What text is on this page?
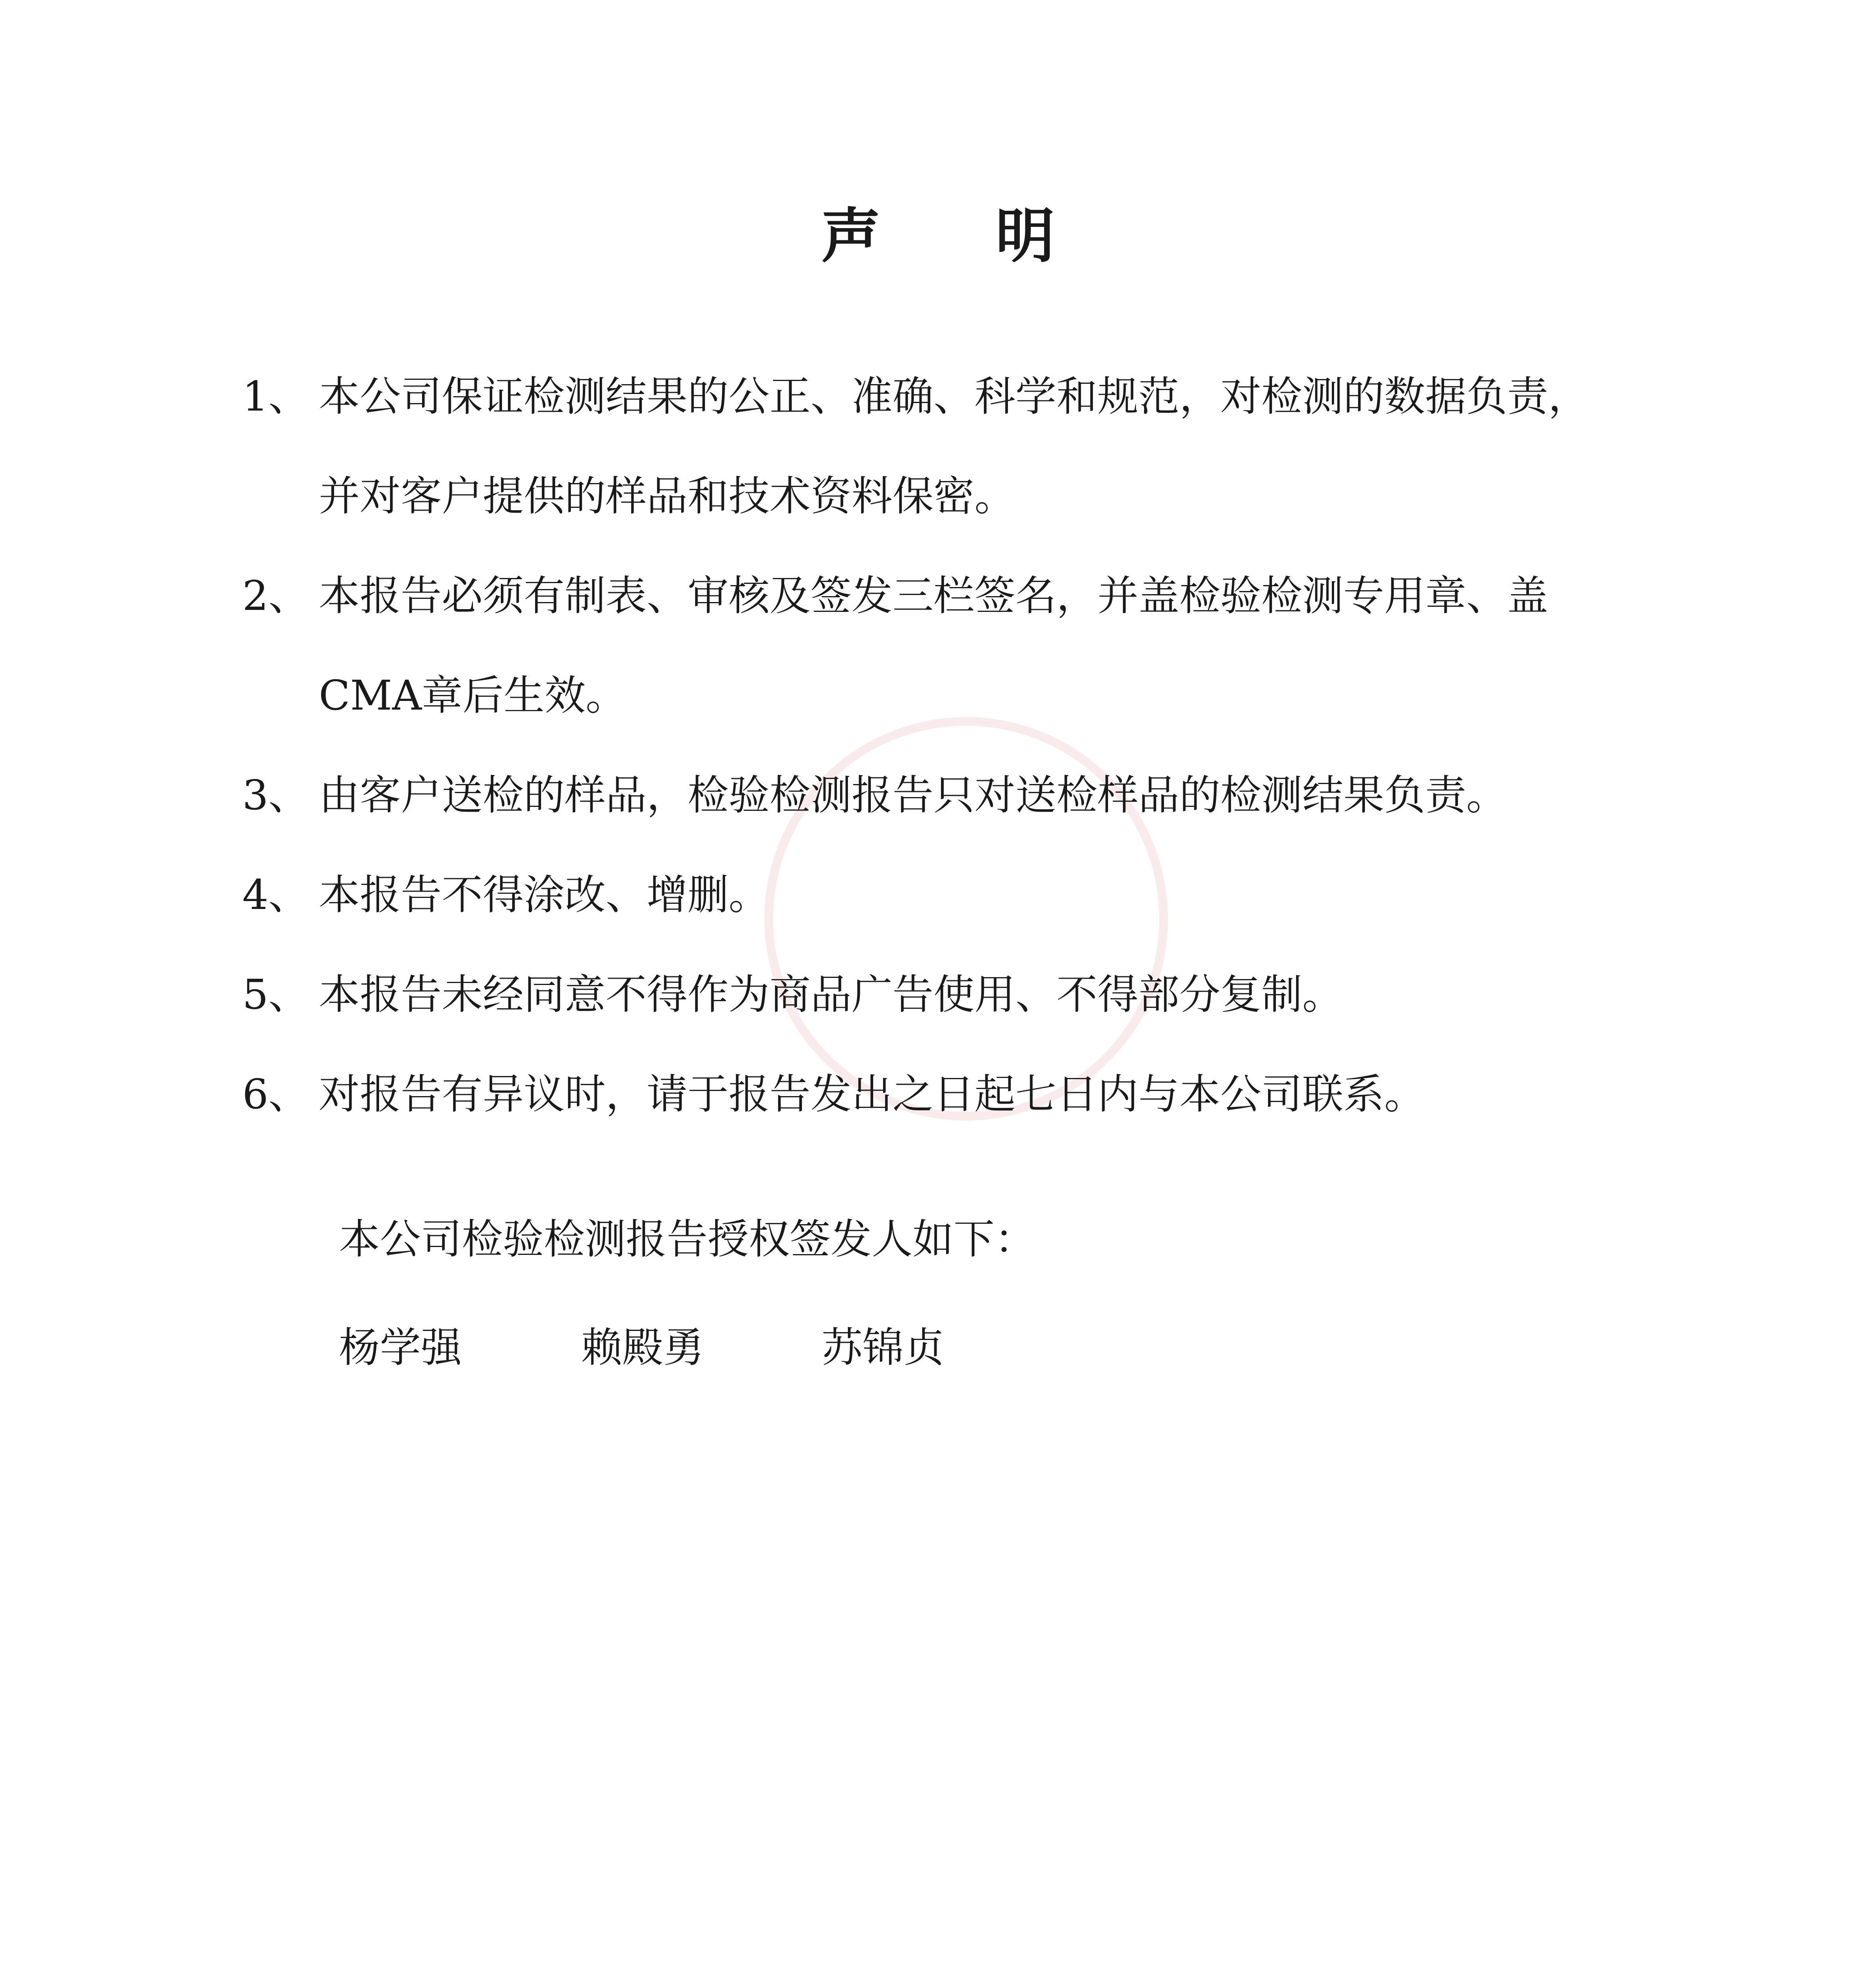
声 明
1、 本公司保证检测结果的公正、准确、科学和规范，对检测的数据负责，并对客户提供的样品和技术资料保密。
2、 本报告必须有制表、审核及签发三栏签名，并盖检验检测专用章、盖CMA章后生效。
3、 由客户送检的样品，检验检测报告只对送检样品的检测结果负责。
4、 本报告不得涂改、增删。
5、 本报告未经同意不得作为商品广告使用、不得部分复制。
6、 对报告有异议时，请于报告发出之日起七日内与本公司联系。
本公司检验检测报告授权签发人如下：
杨学强	赖殿勇	苏锦贞
